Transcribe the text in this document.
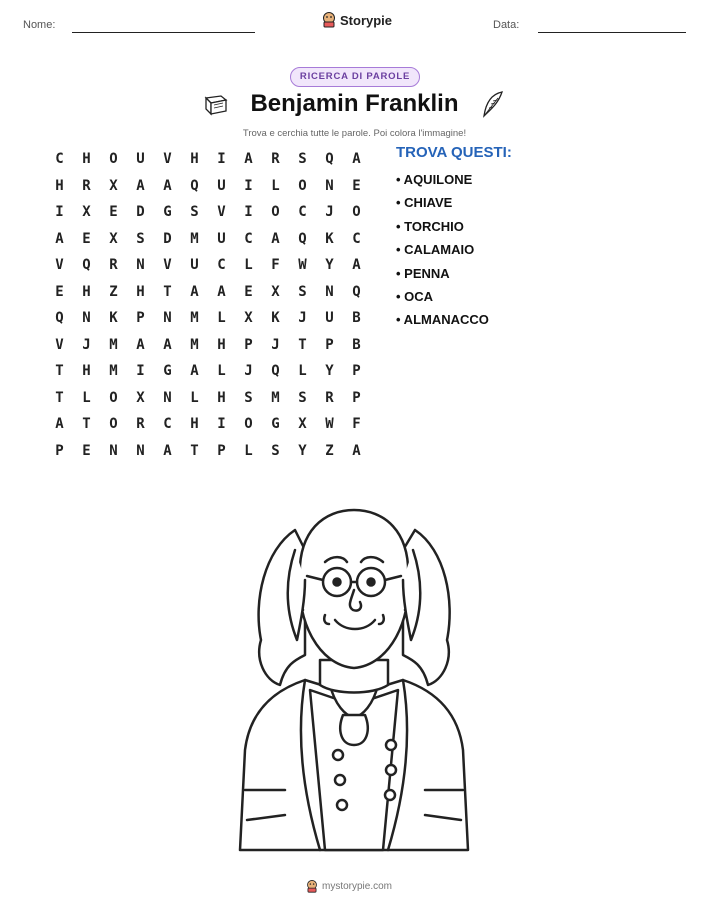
Nome:	Storypie	Data:
RICERCA DI PAROLE
Benjamin Franklin
Trova e cerchia tutte le parole. Poi colora l'immagine!
C	H	O	U	V	H	I	A	R	S	Q	A
H	R	X	A	A	Q	U	I	L	O	N	E
I	X	E	D	G	S	V	I	O	C	J	O
A	E	X	S	D	M	U	C	A	Q	K	C
V	Q	R	N	V	U	C	L	F	W	Y	A
E	H	Z	H	T	A	A	E	X	S	N	Q
Q	N	K	P	N	M	L	X	K	J	U	B
V	J	M	A	A	M	H	P	J	T	P	B
T	H	M	I	G	A	L	J	Q	L	Y	P
T	L	O	X	N	L	H	S	M	S	R	P
A	T	O	R	C	H	I	O	G	X	W	F
P	E	N	N	A	T	P	L	S	Y	Z	A
TROVA QUESTI:
• AQUILONE
• CHIAVE
• TORCHIO
• CALAMAIO
• PENNA
• OCA
• ALMANACCO
mystorypie.com
